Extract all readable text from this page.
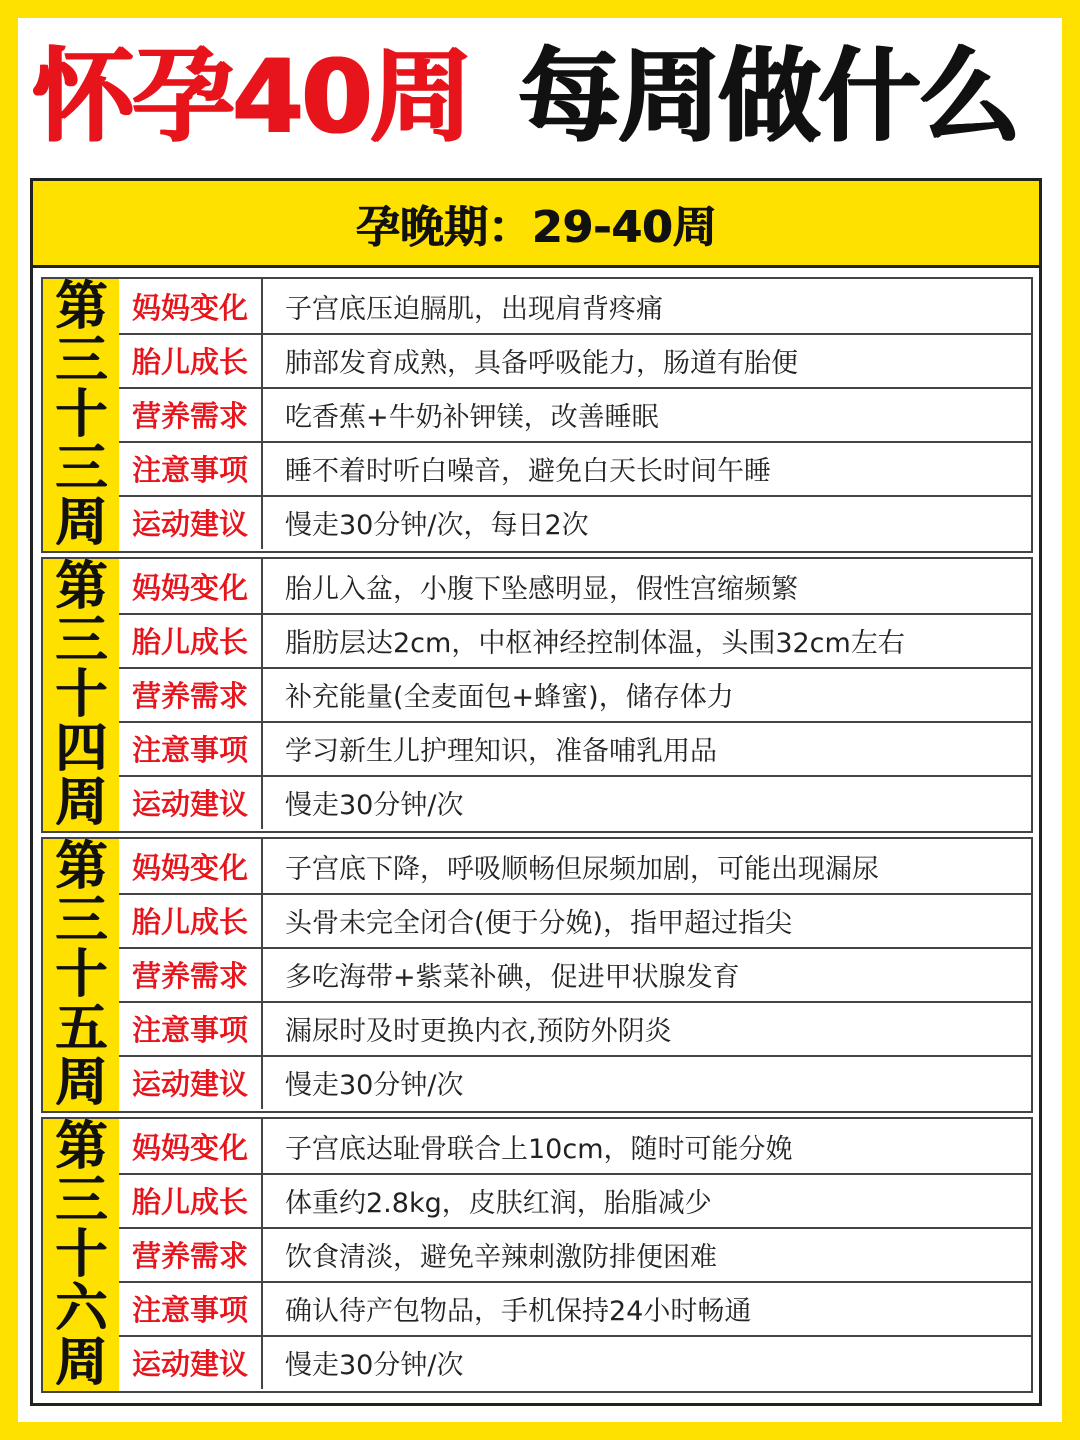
怀孕40周 每周做什么
孕晚期：29-40周
第
三
十
三
周
妈妈变化	子宫底压迫膈肌，出现肩背疼痛
胎儿成长	肺部发育成熟，具备呼吸能力，肠道有胎便
营养需求	吃香蕉+牛奶补钾镁，改善睡眠
注意事项	睡不着时听白噪音，避免白天长时间午睡
运动建议	慢走30分钟/次，每日2次
第
三
十
四
周
妈妈变化	胎儿入盆，小腹下坠感明显，假性宫缩频繁
胎儿成长	脂肪层达2cm，中枢神经控制体温，头围32cm左右
营养需求	补充能量(全麦面包+蜂蜜)，储存体力
注意事项	学习新生儿护理知识，准备哺乳用品
运动建议	慢走30分钟/次
第
三
十
五
周
妈妈变化	子宫底下降，呼吸顺畅但尿频加剧，可能出现漏尿
胎儿成长	头骨未完全闭合(便于分娩)，指甲超过指尖
营养需求	多吃海带+紫菜补碘，促进甲状腺发育
注意事项	漏尿时及时更换内衣,预防外阴炎
运动建议	慢走30分钟/次
第
三
十
六
周
妈妈变化	子宫底达耻骨联合上10cm，随时可能分娩
胎儿成长	体重约2.8kg，皮肤红润，胎脂减少
营养需求	饮食清淡，避免辛辣刺激防排便困难
注意事项	确认待产包物品，手机保持24小时畅通
运动建议	慢走30分钟/次
